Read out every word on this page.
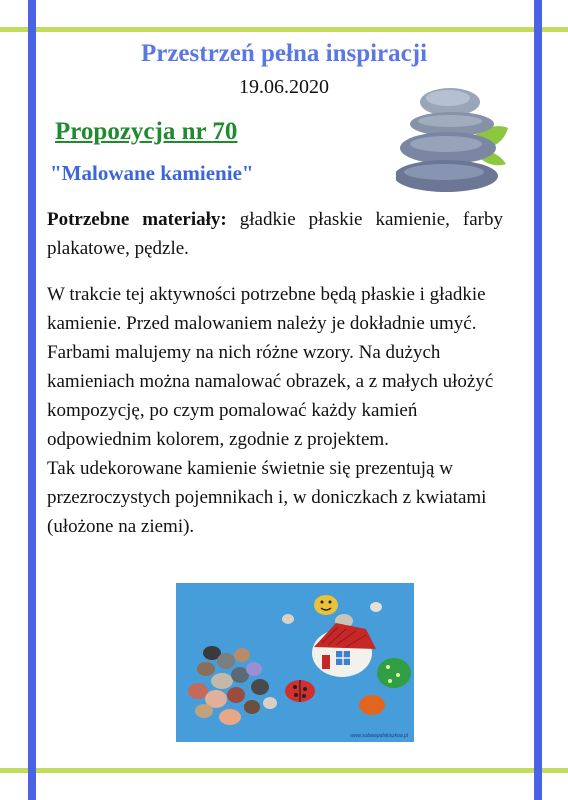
Przestrzeń pełna inspiracji
19.06.2020
Propozycja nr 70
"Malowane kamienie"
Potrzebne materiały: gładkie płaskie kamienie, farby plakatowe, pędzle.

W trakcie tej aktywności potrzebne będą płaskie i gładkie kamienie. Przed malowaniem należy je dokładnie umyć. Farbami malujemy na nich różne wzory. Na dużych kamieniach można namalować obrazek, a z małych ułożyć kompozycję, po czym pomalować każdy kamień odpowiednim kolorem, zgodnie z projektem.

Tak udekorowane kamienie świetnie się prezentują w przezroczystych pojemnikach i, w doniczkach z kwiatami (ułożone na ziemi).

www.sobieepolskiszkoa.pl
